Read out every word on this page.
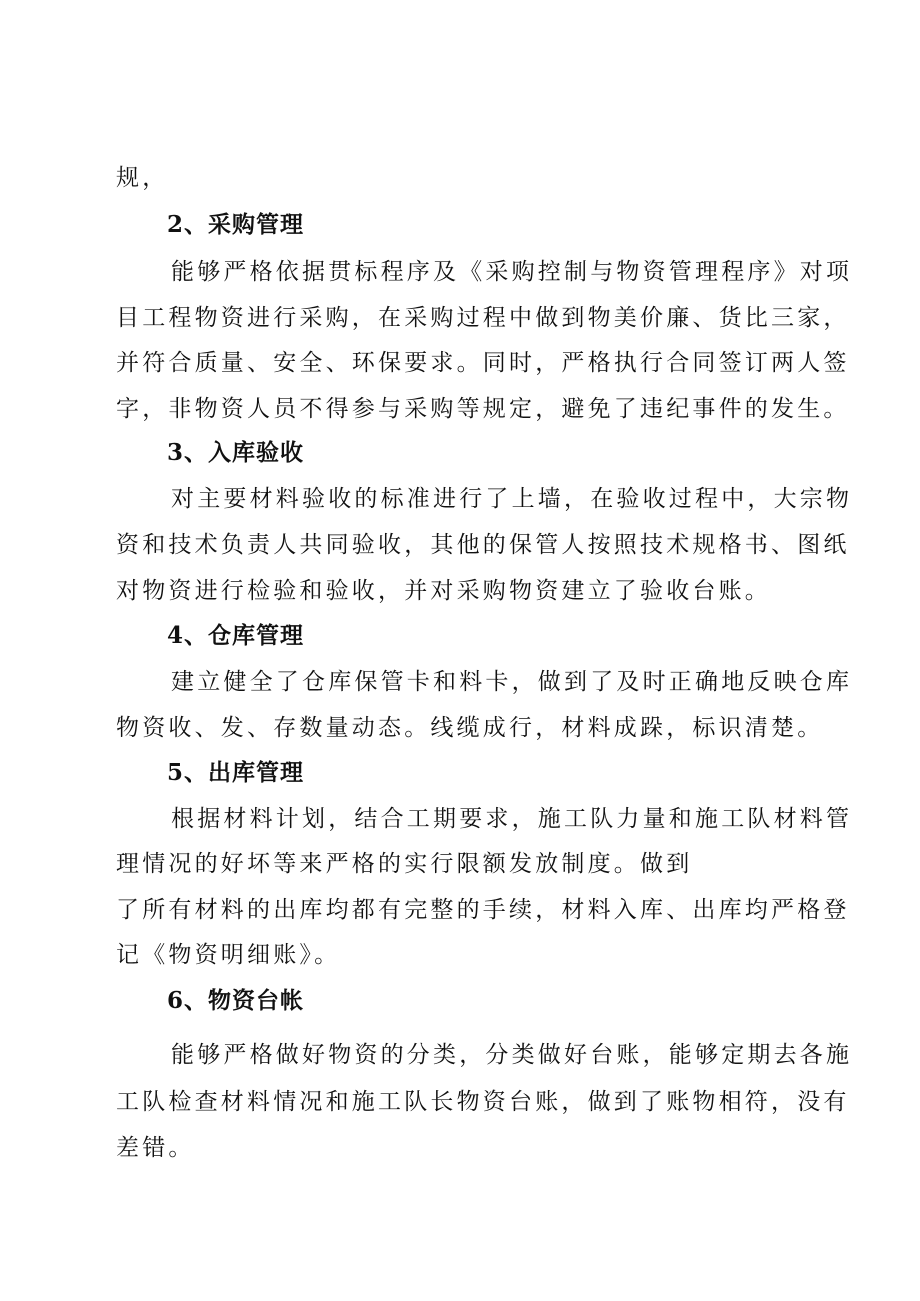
规，
2、采购管理
能够严格依据贯标程序及《采购控制与物资管理程序》对项
目工程物资进行采购，在采购过程中做到物美价廉、货比三家，
并符合质量、安全、环保要求。同时，严格执行合同签订两人签
字，非物资人员不得参与采购等规定，避免了违纪事件的发生。
3、入库验收
对主要材料验收的标准进行了上墙，在验收过程中，大宗物
资和技术负责人共同验收，其他的保管人按照技术规格书、图纸
对物资进行检验和验收，并对采购物资建立了验收台账。
4、仓库管理
建立健全了仓库保管卡和料卡，做到了及时正确地反映仓库
物资收、发、存数量动态。线缆成行，材料成跺，标识清楚。
5、出库管理
根据材料计划，结合工期要求，施工队力量和施工队材料管
理情况的好坏等来严格的实行限额发放制度。做到
了所有材料的出库均都有完整的手续，材料入库、出库均严格登
记《物资明细账》。
6、物资台帐
能够严格做好物资的分类，分类做好台账，能够定期去各施
工队检查材料情况和施工队长物资台账，做到了账物相符，没有
差错。
